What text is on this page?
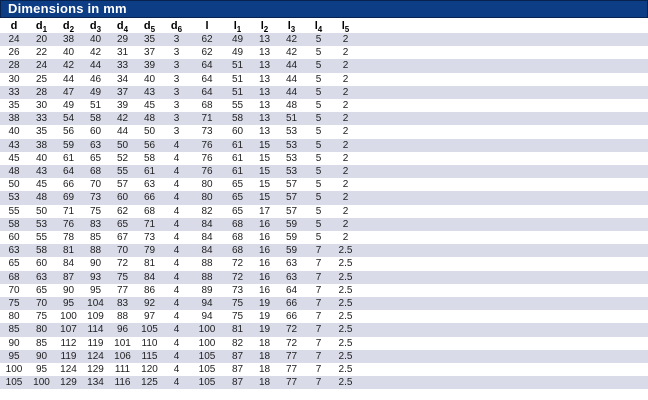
Dimensions in mm
d	$d_1$	$d_2$	$d_3$	$d_4$	$d_5$	$d_6$	l	$l_1$	$l_2$	$l_3$	$l_4$	$l_5$	
24	20	38	40	29	35	3	62	49	13	42	5	2	
26	22	40	42	31	37	3	62	49	13	42	5	2	
28	24	42	44	33	39	3	64	51	13	44	5	2	
30	25	44	46	34	40	3	64	51	13	44	5	2	
33	28	47	49	37	43	3	64	51	13	44	5	2	
35	30	49	51	39	45	3	68	55	13	48	5	2	
38	33	54	58	42	48	3	71	58	13	51	5	2	
40	35	56	60	44	50	3	73	60	13	53	5	2	
43	38	59	63	50	56	4	76	61	15	53	5	2	
45	40	61	65	52	58	4	76	61	15	53	5	2	
48	43	64	68	55	61	4	76	61	15	53	5	2	
50	45	66	70	57	63	4	80	65	15	57	5	2	
53	48	69	73	60	66	4	80	65	15	57	5	2	
55	50	71	75	62	68	4	82	65	17	57	5	2	
58	53	76	83	65	71	4	84	68	16	59	5	2	
60	55	78	85	67	73	4	84	68	16	59	5	2	
63	58	81	88	70	79	4	84	68	16	59	7	2.5	
65	60	84	90	72	81	4	88	72	16	63	7	2.5	
68	63	87	93	75	84	4	88	72	16	63	7	2.5	
70	65	90	95	77	86	4	89	73	16	64	7	2.5	
75	70	95	104	83	92	4	94	75	19	66	7	2.5	
80	75	100	109	88	97	4	94	75	19	66	7	2.5	
85	80	107	114	96	105	4	100	81	19	72	7	2.5	
90	85	112	119	101	110	4	100	82	18	72	7	2.5	
95	90	119	124	106	115	4	105	87	18	77	7	2.5	
100	95	124	129	111	120	4	105	87	18	77	7	2.5	
105	100	129	134	116	125	4	105	87	18	77	7	2.5	
